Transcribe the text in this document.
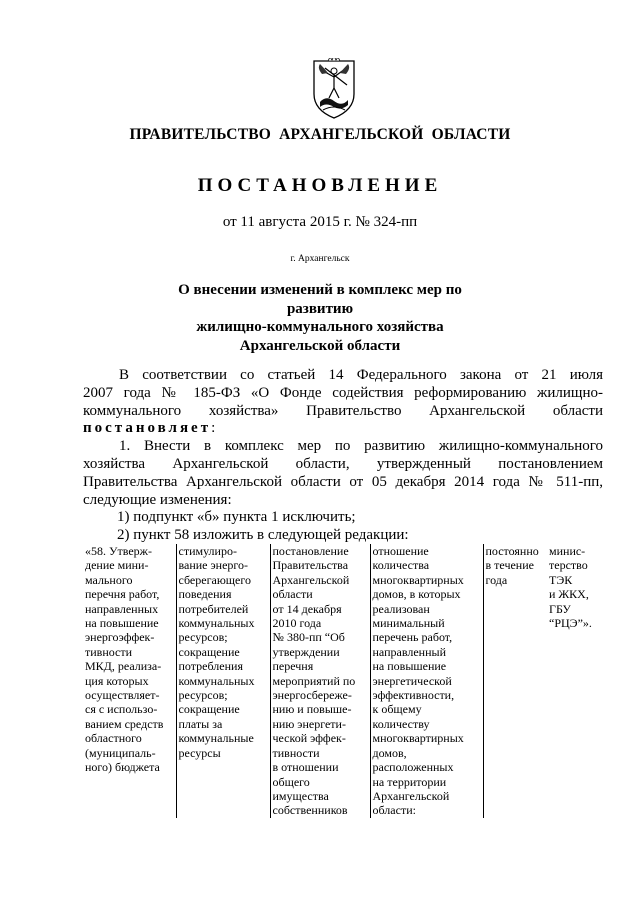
ПРАВИТЕЛЬСТВО АРХАНГЕЛЬСКОЙ ОБЛАСТИ
ПОСТАНОВЛЕНИЕ
от 11 августа 2015 г. № 324-пп
г. Архангельск
О внесении изменений в комплекс мер по развитию
жилищно-коммунального хозяйства
Архангельской области
В соответствии со статьей 14 Федерального закона от 21 июля
2007 года № 185-ФЗ «О Фонде содействия реформированию жилищно-
коммунального хозяйства» Правительство Архангельской области
постановляет:
1. Внести в комплекс мер по развитию жилищно-коммунального
хозяйства Архангельской области, утвержденный постановлением
Правительства Архангельской области от 05 декабря 2014 года № 511-пп,
следующие изменения:
1) подпункт «б» пункта 1 исключить;
2) пункт 58 изложить в следующей редакции:
«58. Утверж-
дение мини-
мального
перечня работ,
направленных
на повышение
энергоэффек-
тивности
МКД, реализа-
ция которых
осуществляет-
ся с использо-
ванием средств
областного
(муниципаль-
ного) бюджета

стимулиро-
вание энерго-
сберегающего
поведения
потребителей
коммунальных
ресурсов;
сокращение
потребления
коммунальных
ресурсов;
сокращение
платы за
коммунальные
ресурсы

постановление
Правительства
Архангельской
области
от 14 декабря
2010 года
№ 380-пп “Об
утверждении
перечня
мероприятий по
энергосбереже-
нию и повыше-
нию энергети-
ческой эффек-
тивности
в отношении
общего
имущества
собственников

отношение
количества
многоквартирных
домов, в которых
реализован
минимальный
перечень работ,
направленный
на повышение
энергетической
эффективности,
к общему
количеству
многоквартирных
домов,
расположенных
на территории
Архангельской
области:

постоянно
в течение
года

минис-
терство
ТЭК
и ЖКХ,
ГБУ
“РЦЭ”».
